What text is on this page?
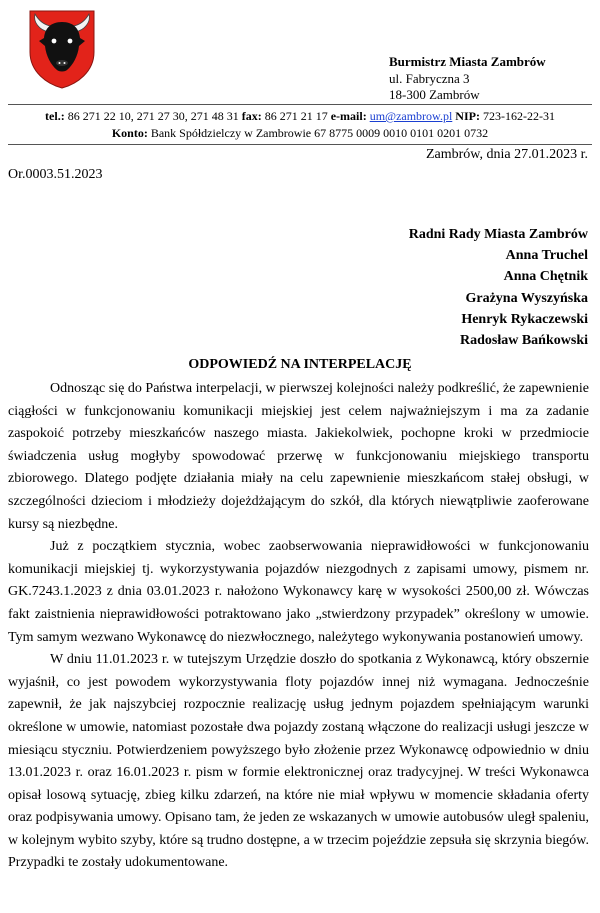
Burmistrz Miasta Zambrów
ul. Fabryczna 3
18-300 Zambrów
tel.: 86 271 22 10, 271 27 30, 271 48 31 fax: 86 271 21 17 e-mail: um@zambrow.pl NIP: 723-162-22-31
Konto: Bank Spółdzielczy w Zambrowie 67 8775 0009 0010 0101 0201 0732
Zambrów, dnia 27.01.2023 r.
Or.0003.51.2023
Radni Rady Miasta Zambrów
Anna Truchel
Anna Chętnik
Grażyna Wyszyńska
Henryk Rykaczewski
Radosław Bańkowski
ODPOWIEDŹ NA INTERPELACJĘ

Odnosząc się do Państwa interpelacji, w pierwszej kolejności należy podkreślić, że zapewnienie ciągłości w funkcjonowaniu komunikacji miejskiej jest celem najważniejszym i ma za zadanie zaspokoić potrzeby mieszkańców naszego miasta. Jakiekolwiek, pochopne kroki w przedmiocie świadczenia usług mogłyby spowodować przerwę w funkcjonowaniu miejskiego transportu zbiorowego. Dlatego podjęte działania miały na celu zapewnienie mieszkańcom stałej obsługi, w szczególności dzieciom i młodzieży dojeżdżającym do szkół, dla których niewątpliwie zaoferowane kursy są niezbędne.

Już z początkiem stycznia, wobec zaobserwowania nieprawidłowości w funkcjonowaniu komunikacji miejskiej tj. wykorzystywania pojazdów niezgodnych z zapisami umowy, pismem nr. GK.7243.1.2023 z dnia 03.01.2023 r. nałożono Wykonawcy karę w wysokości 2500,00 zł. Wówczas fakt zaistnienia nieprawidłowości potraktowano jako „stwierdzony przypadek” określony w umowie. Tym samym wezwano Wykonawcę do niezwłocznego, należytego wykonywania postanowień umowy.

W dniu 11.01.2023 r. w tutejszym Urzędzie doszło do spotkania z Wykonawcą, który obszernie wyjaśnił, co jest powodem wykorzystywania floty pojazdów innej niż wymagana. Jednocześnie zapewnił, że jak najszybciej rozpocznie realizację usług jednym pojazdem spełniającym warunki określone w umowie, natomiast pozostałe dwa pojazdy zostaną włączone do realizacji usługi jeszcze w miesiącu styczniu. Potwierdzeniem powyższego było złożenie przez Wykonawcę odpowiednio w dniu 13.01.2023 r. oraz 16.01.2023 r. pism w formie elektronicznej oraz tradycyjnej. W treści Wykonawca opisał losową sytuację, zbieg kilku zdarzeń, na które nie miał wpływu w momencie składania oferty oraz podpisywania umowy. Opisano tam, że jeden ze wskazanych w umowie autobusów uległ spaleniu, w kolejnym wybito szyby, które są trudno dostępne, a w trzecim pojeździe zepsuła się skrzynia biegów. Przypadki te zostały udokumentowane.
